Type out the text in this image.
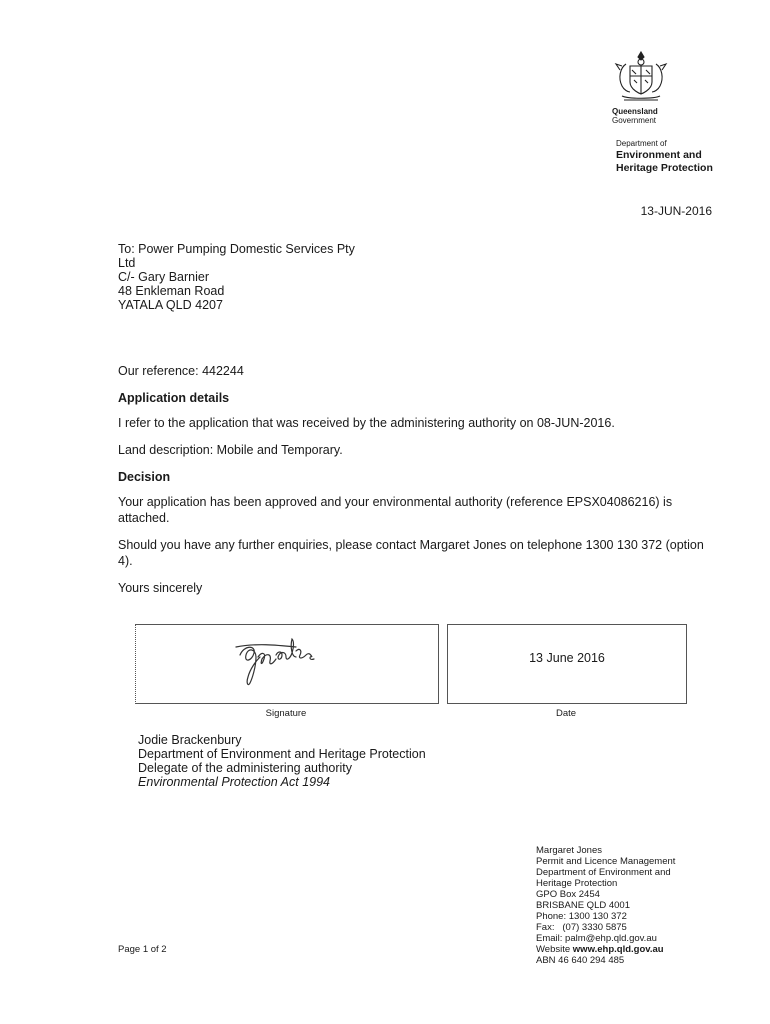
Queensland
Government
Department of
Environment and
Heritage Protection
13-JUN-2016
To: Power Pumping Domestic Services Pty
Ltd
C/- Gary Barnier
48 Enkleman Road
YATALA QLD 4207

Our reference: 442244

Application details

I refer to the application that was received by the administering authority on 08-JUN-2016.

Land description: Mobile and Temporary.

Decision

Your application has been approved and your environmental authority (reference EPSX04086216) is attached.

Should you have any further enquiries, please contact Margaret Jones on telephone 1300 130 372 (option 4).

Yours sincerely

13 June 2016
Signature	Date
Jodie Brackenbury
Department of Environment and Heritage Protection
Delegate of the administering authority
Environmental Protection Act 1994
Margaret Jones
Permit and Licence Management
Department of Environment and
Heritage Protection
GPO Box 2454
BRISBANE QLD 4001
Phone: 1300 130 372
Fax:   (07) 3330 5875
Email: palm@ehp.qld.gov.au
Website www.ehp.qld.gov.au
ABN 46 640 294 485
Page 1 of 2
